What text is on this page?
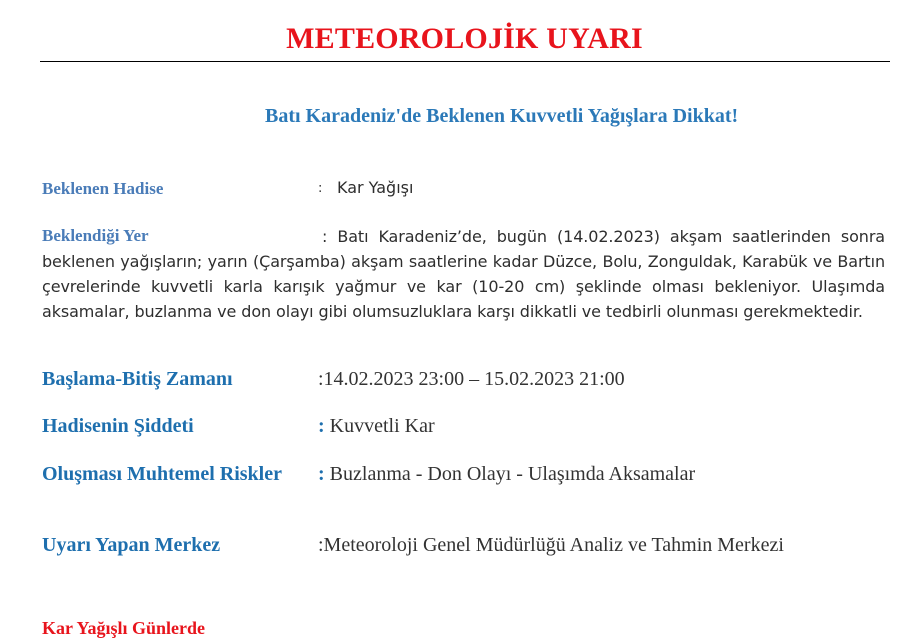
METEOROLOJİK UYARI
Batı Karadeniz'de Beklenen Kuvvetli Yağışlara Dikkat!
Beklenen Hadise	: Kar Yağışı
Beklendiği Yer	: Batı Karadeniz’de, bugün (14.02.2023) akşam saatlerinden sonra beklenen yağışların; yarın (Çarşamba) akşam saatlerine kadar Düzce, Bolu, Zonguldak, Karabük ve Bartın çevrelerinde kuvvetli karla karışık yağmur ve kar (10-20 cm) şeklinde olması bekleniyor. Ulaşımda aksamalar, buzlanma ve don olayı gibi olumsuzluklara karşı dikkatli ve tedbirli olunması gerekmektedir.
Başlama-Bitiş Zamanı	:14.02.2023 23:00 – 15.02.2023 21:00
Hadisenin Şiddeti	: Kuvvetli Kar
Oluşması Muhtemel Riskler : Buzlanma - Don Olayı - Ulaşımda Aksamalar
Uyarı Yapan Merkez	:Meteoroloji Genel Müdürlüğü Analiz ve Tahmin Merkezi
Kar Yağışlı Günlerde
